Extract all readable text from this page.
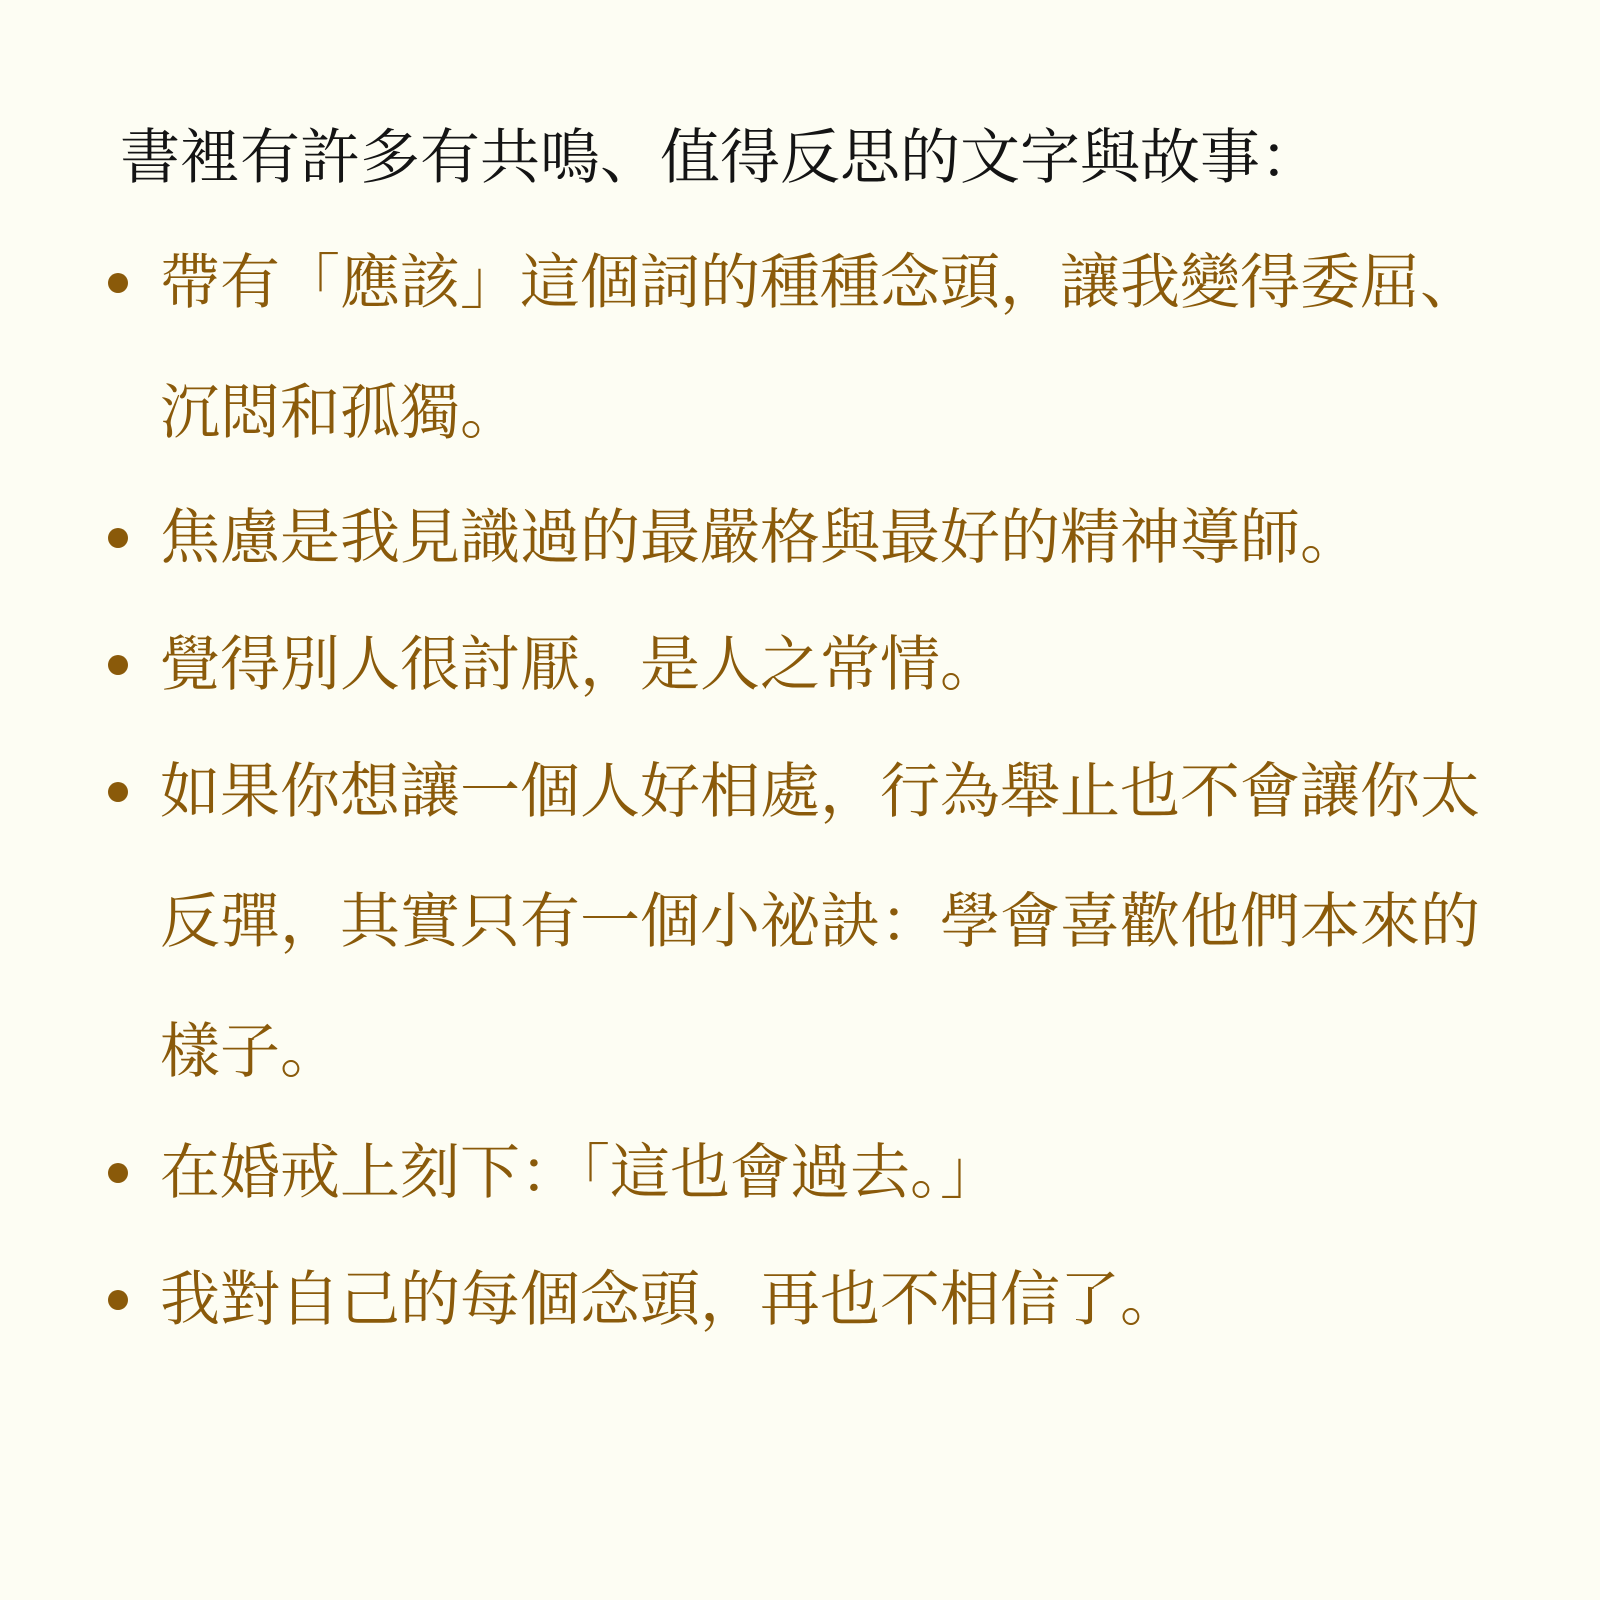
書裡有許多有共鳴、值得反思的文字與故事：
帶有「應該」這個詞的種種念頭，讓我變得委屈、沉悶和孤獨。
焦慮是我見識過的最嚴格與最好的精神導師。
覺得別人很討厭，是人之常情。
如果你想讓一個人好相處，行為舉止也不會讓你太反彈，其實只有一個小祕訣：學會喜歡他們本來的樣子。
在婚戒上刻下：「這也會過去。」
我對自己的每個念頭，再也不相信了。
